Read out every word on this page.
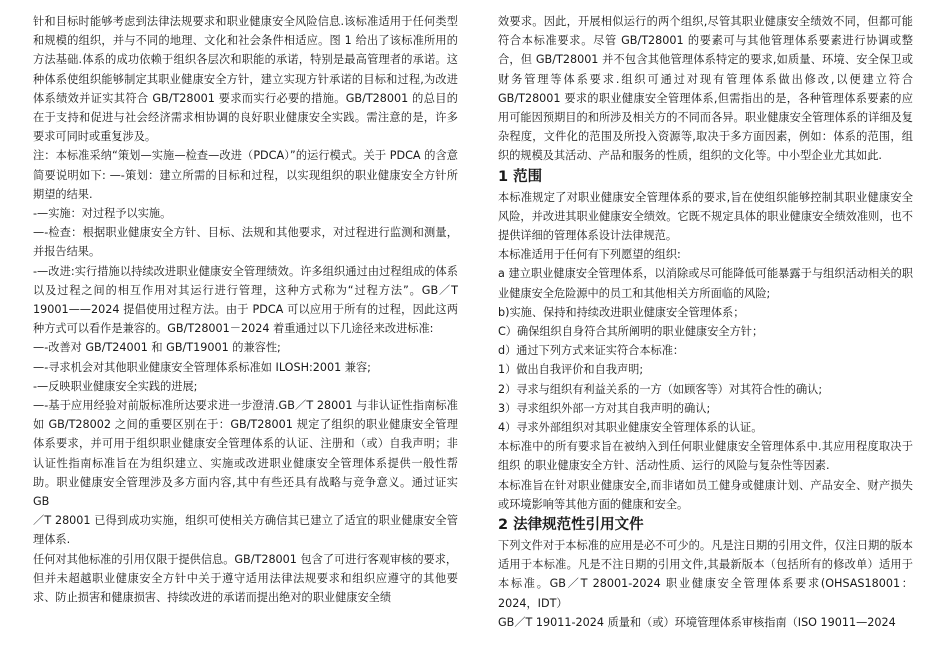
针和目标时能够考虑到法律法规要求和职业健康安全风险信息.该标准适用于任何类型和规模的组织，并与不同的地理、文化和社会条件相适应。图 1 给出了该标准所用的方法基础.体系的成功依赖于组织各层次和职能的承诺，特别是最高管理者的承诺。这种体系使组织能够制定其职业健康安全方针，建立实现方针承诺的目标和过程,为改进体系绩效并证实其符合 GB/T28001 要求而实行必要的措施。GB/T28001 的总目的在于支持和促进与社会经济需求相协调的良好职业健康安全实践。需注意的是，许多要求可同时或重复涉及。

注：本标准采纳“策划—实施—检查—改进（PDCA）”的运行模式。关于 PDCA 的含意简要说明如下: —-策划：建立所需的目标和过程，以实现组织的职业健康安全方针所期望的结果.

-—实施：对过程予以实施。

—-检查：根据职业健康安全方针、目标、法规和其他要求，对过程进行监测和测量，并报告结果。

-—改进:实行措施以持续改进职业健康安全管理绩效。许多组织通过由过程组成的体系以及过程之间的相互作用对其运行进行管理，这种方式称为“过程方法”。GB／T 19001——2024 提倡使用过程方法。由于 PDCA 可以应用于所有的过程，因此这两种方式可以看作是兼容的。GB/T28001－2024 着重通过以下几途径来改进标准:

—-改善对 GB/T24001 和 GB/T19001 的兼容性;

—-寻求机会对其他职业健康安全管理体系标准如 ILOSH:2001 兼容;

-—反映职业健康安全实践的进展;

—-基于应用经验对前版标准所达要求进一步澄清.GB／T 28001 与非认证性指南标准如 GB/T28002 之间的重要区别在于：GB/T28001 规定了组织的职业健康安全管理体系要求，并可用于组织职业健康安全管理体系的认证、注册和（或）自我声明；非认证性指南标准旨在为组织建立、实施或改进职业健康安全管理体系提供一般性帮助。职业健康安全管理涉及多方面内容,其中有些还具有战略与竞争意义。通过证实 GB

／T 28001 已得到成功实施，组织可使相关方确信其已建立了适宜的职业健康安全管理体系.

任何对其他标准的引用仅限于提供信息。GB/T28001 包含了可进行客观审核的要求，

但并未超越职业健康安全方针中关于遵守适用法律法规要求和组织应遵守的其他要求、防止损害和健康损害、持续改进的承诺而提出绝对的职业健康安全绩

效要求。因此，开展相似运行的两个组织,尽管其职业健康安全绩效不同，但都可能符合本标准要求。尽管 GB/T28001 的要素可与其他管理体系要素进行协调或整合，但 GB/T28001 并不包含其他管理体系特定的要求,如质量、环境、安全保卫或财务管理等体系要求.组织可通过对现有管理体系做出修改,以便建立符合 GB/T28001 要求的职业健康安全管理体系,但需指出的是，各种管理体系要素的应用可能因预期目的和所涉及相关方的不同而各异。职业健康安全管理体系的详细及复杂程度，文件化的范围及所投入资源等,取决于多方面因素，例如：体系的范围，组织的规模及其活动、产品和服务的性质，组织的文化等。中小型企业尤其如此.

1 范围

本标准规定了对职业健康安全管理体系的要求,旨在使组织能够控制其职业健康安全风险，并改进其职业健康安全绩效。它既不规定具体的职业健康安全绩效准则，也不提供详细的管理体系设计法律规范。

本标准适用于任何有下列愿望的组织:

a 建立职业健康安全管理体系，以消除或尽可能降低可能暴露于与组织活动相关的职业健康安全危险源中的员工和其他相关方所面临的风险;

b)实施、保持和持续改进职业健康安全管理体系；

C）确保组织自身符合其所阐明的职业健康安全方针；

d）通过下列方式来证实符合本标准：

1）做出自我评价和自我声明;

2）寻求与组织有利益关系的一方（如顾客等）对其符合性的确认;

3）寻求组织外部一方对其自我声明的确认;

4）寻求外部组织对其职业健康安全管理体系的认证。

本标准中的所有要求旨在被纳入到任何职业健康安全管理体系中.其应用程度取决于组织 的职业健康安全方针、活动性质、运行的风险与复杂性等因素.

本标准旨在针对职业健康安全,而非诸如员工健身或健康计划、产品安全、财产损失或环境影响等其他方面的健康和安全。

2 法律规范性引用文件

下列文件对于本标准的应用是必不可少的。凡是注日期的引用文件，仅注日期的版本适用于本标准。凡是不注日期的引用文件,其最新版本（包括所有的修改单）适用于本标准。GB／T 28001-2024 职业健康安全管理体系要求(OHSAS18001：2024，IDT）

GB／T 19011-2024 质量和（或）环境管理体系审核指南（ISO 19011—2024
